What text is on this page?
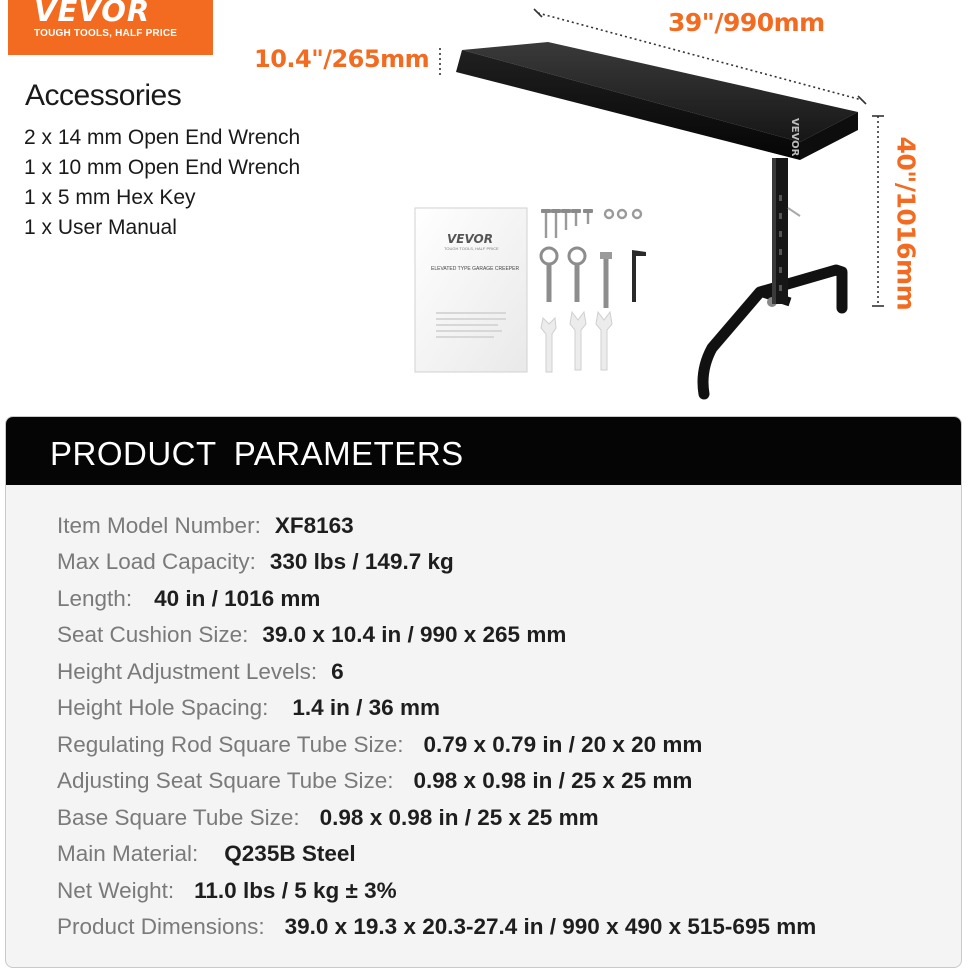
VEVOR
VEVOR
TOUGH TOOLS, HALF PRICE
ELEVATED TYPE GARAGE CREEPER
VEVOR
TOUGH TOOLS, HALF PRICE
10.4"/265mm
39"/990mm
40"/1016mm
Accessories
2 x 14 mm Open End Wrench
1 x 10 mm Open End Wrench
1 x 5 mm Hex Key
1 x User Manual
PRODUCT PARAMETERS
Item Model Number: XF8163
Max Load Capacity: 330 lbs / 149.7 kg
Length: 40 in / 1016 mm
Seat Cushion Size: 39.0 x 10.4 in / 990 x 265 mm
Height Adjustment Levels: 6
Height Hole Spacing: 1.4 in / 36 mm
Regulating Rod Square Tube Size: 0.79 x 0.79 in / 20 x 20 mm
Adjusting Seat Square Tube Size: 0.98 x 0.98 in / 25 x 25 mm
Base Square Tube Size: 0.98 x 0.98 in / 25 x 25 mm
Main Material: Q235B Steel
Net Weight: 11.0 lbs / 5 kg ± 3%
Product Dimensions: 39.0 x 19.3 x 20.3-27.4 in / 990 x 490 x 515-695 mm
